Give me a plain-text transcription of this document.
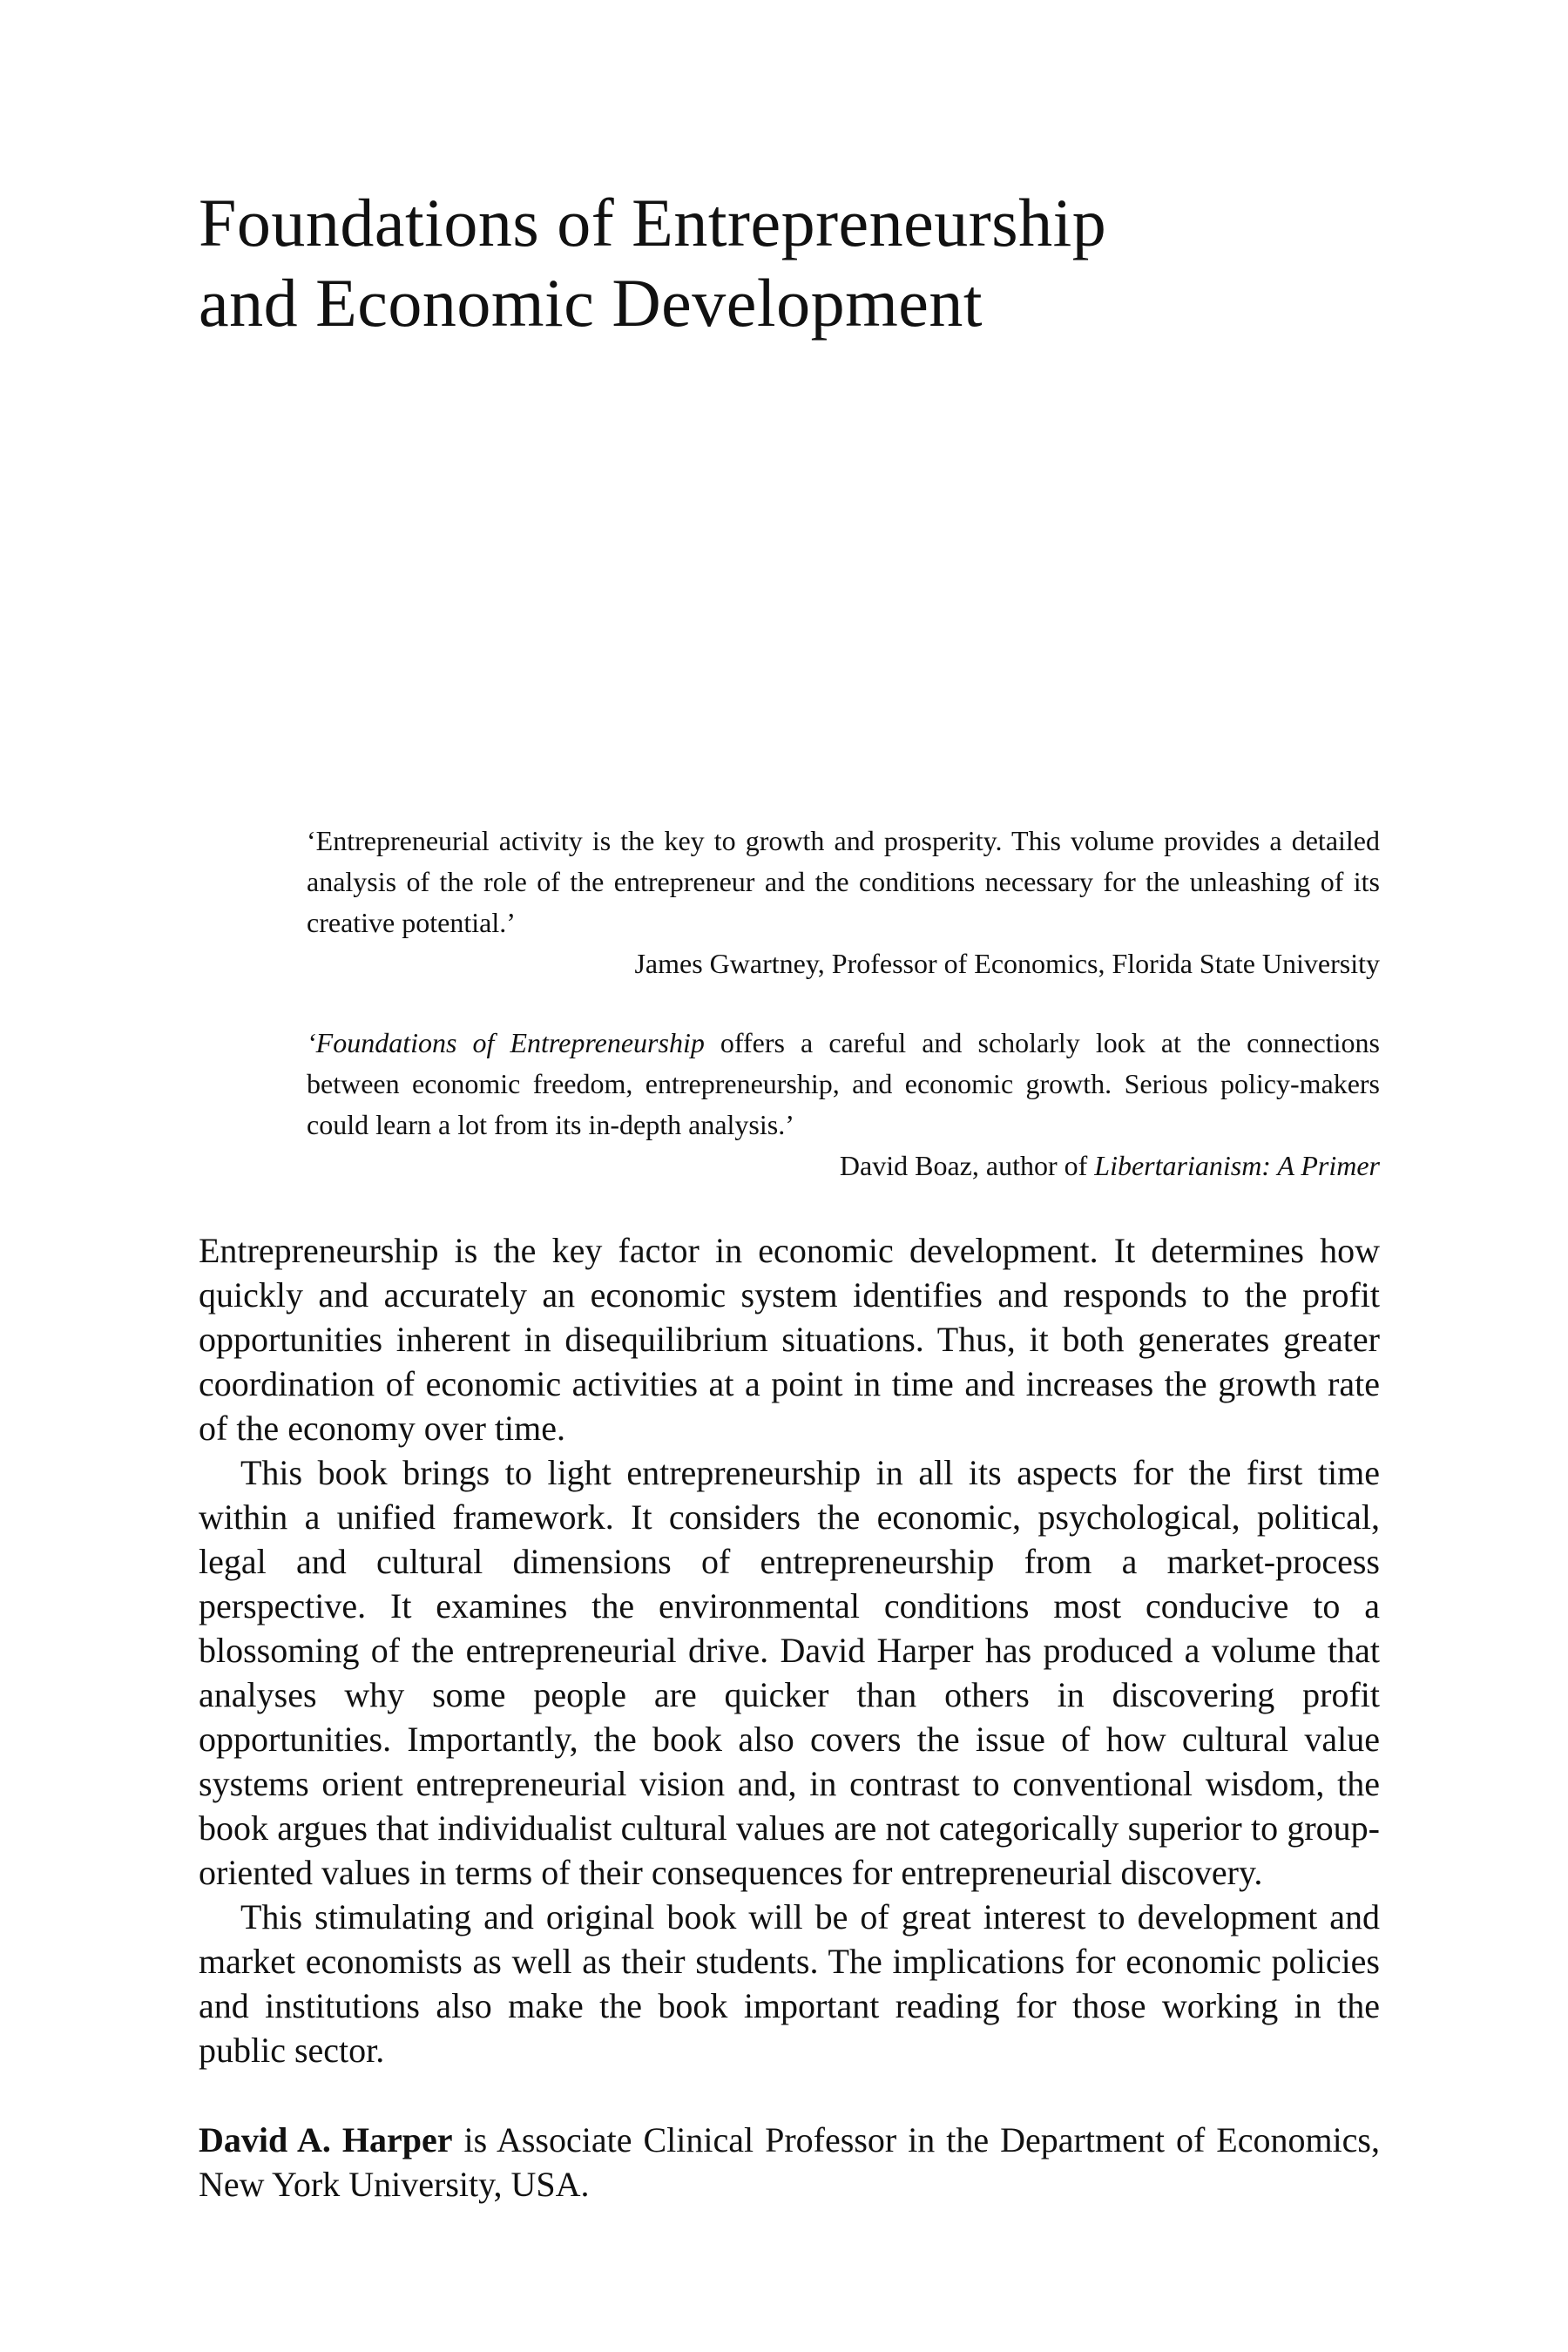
Foundations of Entrepreneurship
and Economic Development

‘Entrepreneurial activity is the key to growth and prosperity. This volume provides a detailed analysis of the role of the entrepreneur and the conditions necessary for the unleashing of its creative potential.’

James Gwartney, Professor of Economics, Florida State University

‘Foundations of Entrepreneurship offers a careful and scholarly look at the connections between economic freedom, entrepreneurship, and economic growth. Serious policy-makers could learn a lot from its in-depth analysis.’

David Boaz, author of Libertarianism: A Primer

Entrepreneurship is the key factor in economic development. It determines how quickly and accurately an economic system identifies and responds to the profit opportunities inherent in disequilibrium situations. Thus, it both generates greater coordination of economic activities at a point in time and increases the growth rate of the economy over time.

This book brings to light entrepreneurship in all its aspects for the first time within a unified framework. It considers the economic, psychological, political, legal and cultural dimensions of entrepreneurship from a market-process perspective. It examines the environmental conditions most conducive to a blossoming of the entrepreneurial drive. David Harper has produced a volume that analyses why some people are quicker than others in discovering profit opportunities. Importantly, the book also covers the issue of how cultural value systems orient entrepreneurial vision and, in contrast to conventional wisdom, the book argues that individualist cultural values are not categorically superior to group-oriented values in terms of their consequences for entrepreneurial discovery.

This stimulating and original book will be of great interest to development and market economists as well as their students. The implications for economic policies and institutions also make the book important reading for those working in the public sector.

David A. Harper is Associate Clinical Professor in the Department of Economics, New York University, USA.
